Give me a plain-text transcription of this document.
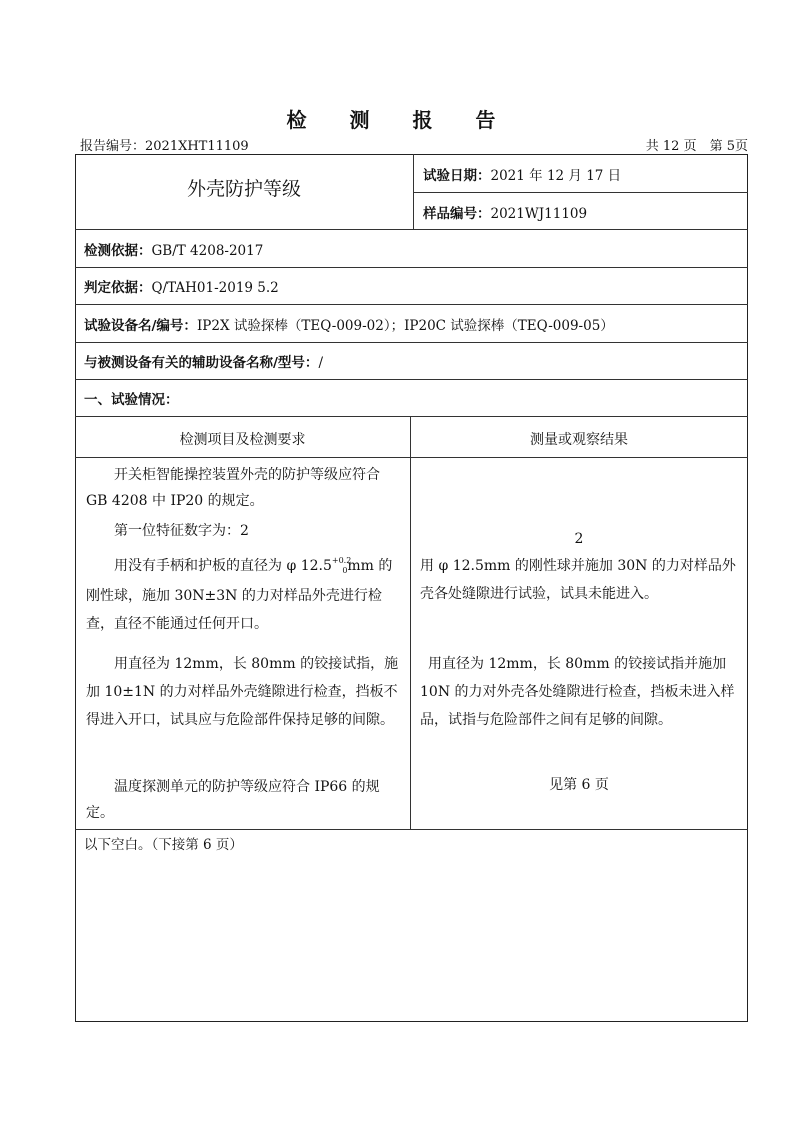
检 测 报 告
报告编号：2021XHT11109	共 12 页　第 5页
外壳防护等级
试验日期：2021 年 12 月 17 日
样品编号：2021WJ11109
检测依据：GB/T 4208-2017
判定依据：Q/TAH01-2019 5.2
试验设备名/编号：IP2X 试验探棒（TEQ-009-02）；IP20C 试验探棒（TEQ-009-05）
与被测设备有关的辅助设备名称/型号：/
一、试验情况：
检测项目及检测要求	测量或观察结果
开关柜智能操控装置外壳的防护等级应符合 GB 4208 中 IP20 的规定。
第一位特征数字为：2
用没有手柄和护板的直径为 φ $12.5^{+0.2}_0mm$ 的刚性球，施加 30N±3N 的力对样品外壳进行检查，直径不能通过任何开口。
用直径为 12mm，长 80mm 的铰接试指，施加 10±1N 的力对样品外壳缝隙进行检查，挡板不得进入开口，试具应与危险部件保持足够的间隙。
温度探测单元的防护等级应符合 IP66 的规定。
2
用 φ 12.5mm 的刚性球并施加 30N 的力对样品外壳各处缝隙进行试验，试具未能进入。
用直径为 12mm，长 80mm 的铰接试指并施加 10N 的力对外壳各处缝隙进行检查，挡板未进入样品，试指与危险部件之间有足够的间隙。
见第 6 页
以下空白。（下接第 6 页）
